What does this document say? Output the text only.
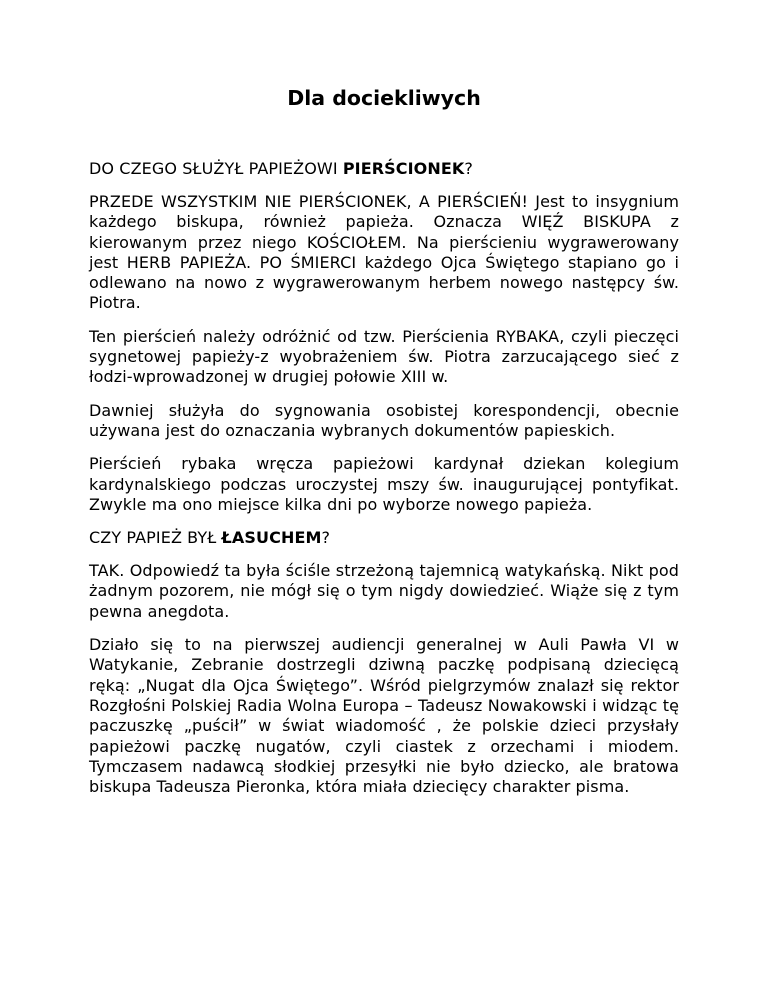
Dla dociekliwych

DO CZEGO SŁUŻYŁ PAPIEŻOWI PIERŚCIONEK?

PRZEDE WSZYSTKIM NIE PIERŚCIONEK, A PIERŚCIEŃ! Jest to insygnium każdego biskupa, również papieża. Oznacza WIĘŹ BISKUPA z kierowanym przez niego KOŚCIOŁEM. Na pierścieniu wygrawerowany jest HERB PAPIEŻA. PO ŚMIERCI każdego Ojca Świętego stapiano go i odlewano na nowo z wygrawerowanym herbem nowego następcy św. Piotra.

Ten pierścień należy odróżnić od tzw. Pierścienia RYBAKA, czyli pieczęci sygnetowej papieży-z wyobrażeniem św. Piotra zarzucającego sieć z łodzi-wprowadzonej w drugiej połowie XIII w.

Dawniej służyła do sygnowania osobistej korespondencji, obecnie używana jest do oznaczania wybranych dokumentów papieskich.

Pierścień rybaka wręcza papieżowi kardynał dziekan kolegium kardynalskiego podczas uroczystej mszy św. inaugurującej pontyfikat. Zwykle ma ono miejsce kilka dni po wyborze nowego papieża.

CZY PAPIEŻ BYŁ ŁASUCHEM?

TAK. Odpowiedź ta była ściśle strzeżoną tajemnicą watykańską. Nikt pod żadnym pozorem, nie mógł się o tym nigdy dowiedzieć. Wiąże się z tym pewna anegdota.

Działo się to na pierwszej audiencji generalnej w Auli Pawła VI w Watykanie, Zebranie dostrzegli dziwną paczkę podpisaną dziecięcą ręką: „Nugat dla Ojca Świętego”. Wśród pielgrzymów znalazł się rektor Rozgłośni Polskiej Radia Wolna Europa – Tadeusz Nowakowski i widząc tę paczuszkę „puścił” w świat wiadomość , że polskie dzieci przysłały papieżowi paczkę nugatów, czyli ciastek z orzechami i miodem. Tymczasem nadawcą słodkiej przesyłki nie było dziecko, ale bratowa biskupa Tadeusza Pieronka, która miała dziecięcy charakter pisma.
